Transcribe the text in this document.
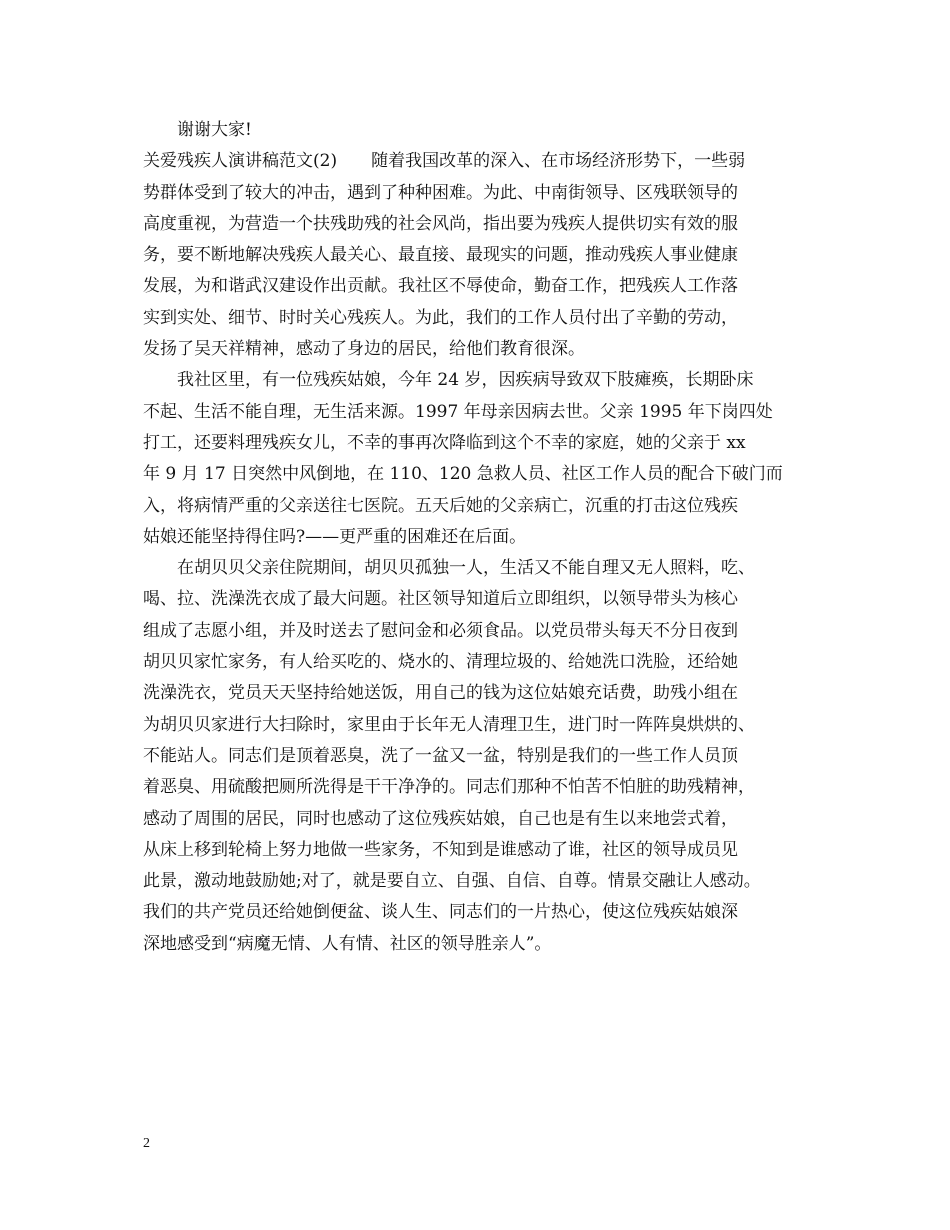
　　谢谢大家!
关爱残疾人演讲稿范文(2)　　随着我国改革的深入、在市场经济形势下，一些弱
势群体受到了较大的冲击，遇到了种种困难。为此、中南街领导、区残联领导的
高度重视，为营造一个扶残助残的社会风尚，指出要为残疾人提供切实有效的服
务，要不断地解决残疾人最关心、最直接、最现实的问题，推动残疾人事业健康
发展，为和谐武汉建设作出贡献。我社区不辱使命，勤奋工作，把残疾人工作落
实到实处、细节、时时关心残疾人。为此，我们的工作人员付出了辛勤的劳动，
发扬了吴天祥精神，感动了身边的居民，给他们教育很深。
　　我社区里，有一位残疾姑娘，今年 24 岁，因疾病导致双下肢瘫痪，长期卧床
不起、生活不能自理，无生活来源。1997 年母亲因病去世。父亲 1995 年下岗四处
打工，还要料理残疾女儿，不幸的事再次降临到这个不幸的家庭，她的父亲于 xx
年 9 月 17 日突然中风倒地，在 110、120 急救人员、社区工作人员的配合下破门而
入，将病情严重的父亲送往七医院。五天后她的父亲病亡，沉重的打击这位残疾
姑娘还能坚持得住吗?——更严重的困难还在后面。
　　在胡贝贝父亲住院期间，胡贝贝孤独一人，生活又不能自理又无人照料，吃、
喝、拉、洗澡洗衣成了最大问题。社区领导知道后立即组织，以领导带头为核心
组成了志愿小组，并及时送去了慰问金和必须食品。以党员带头每天不分日夜到
胡贝贝家忙家务，有人给买吃的、烧水的、清理垃圾的、给她洗口洗脸，还给她
洗澡洗衣，党员天天坚持给她送饭，用自己的钱为这位姑娘充话费，助残小组在
为胡贝贝家进行大扫除时，家里由于长年无人清理卫生，进门时一阵阵臭烘烘的、
不能站人。同志们是顶着恶臭，洗了一盆又一盆，特别是我们的一些工作人员顶
着恶臭、用硫酸把厕所洗得是干干净净的。同志们那种不怕苦不怕脏的助残精神，
感动了周围的居民，同时也感动了这位残疾姑娘，自己也是有生以来地尝式着，
从床上移到轮椅上努力地做一些家务，不知到是谁感动了谁，社区的领导成员见
此景，激动地鼓励她;对了，就是要自立、自强、自信、自尊。情景交融让人感动。
我们的共产党员还给她倒便盆、谈人生、同志们的一片热心，使这位残疾姑娘深
深地感受到“病魔无情、人有情、社区的领导胜亲人”。
2
